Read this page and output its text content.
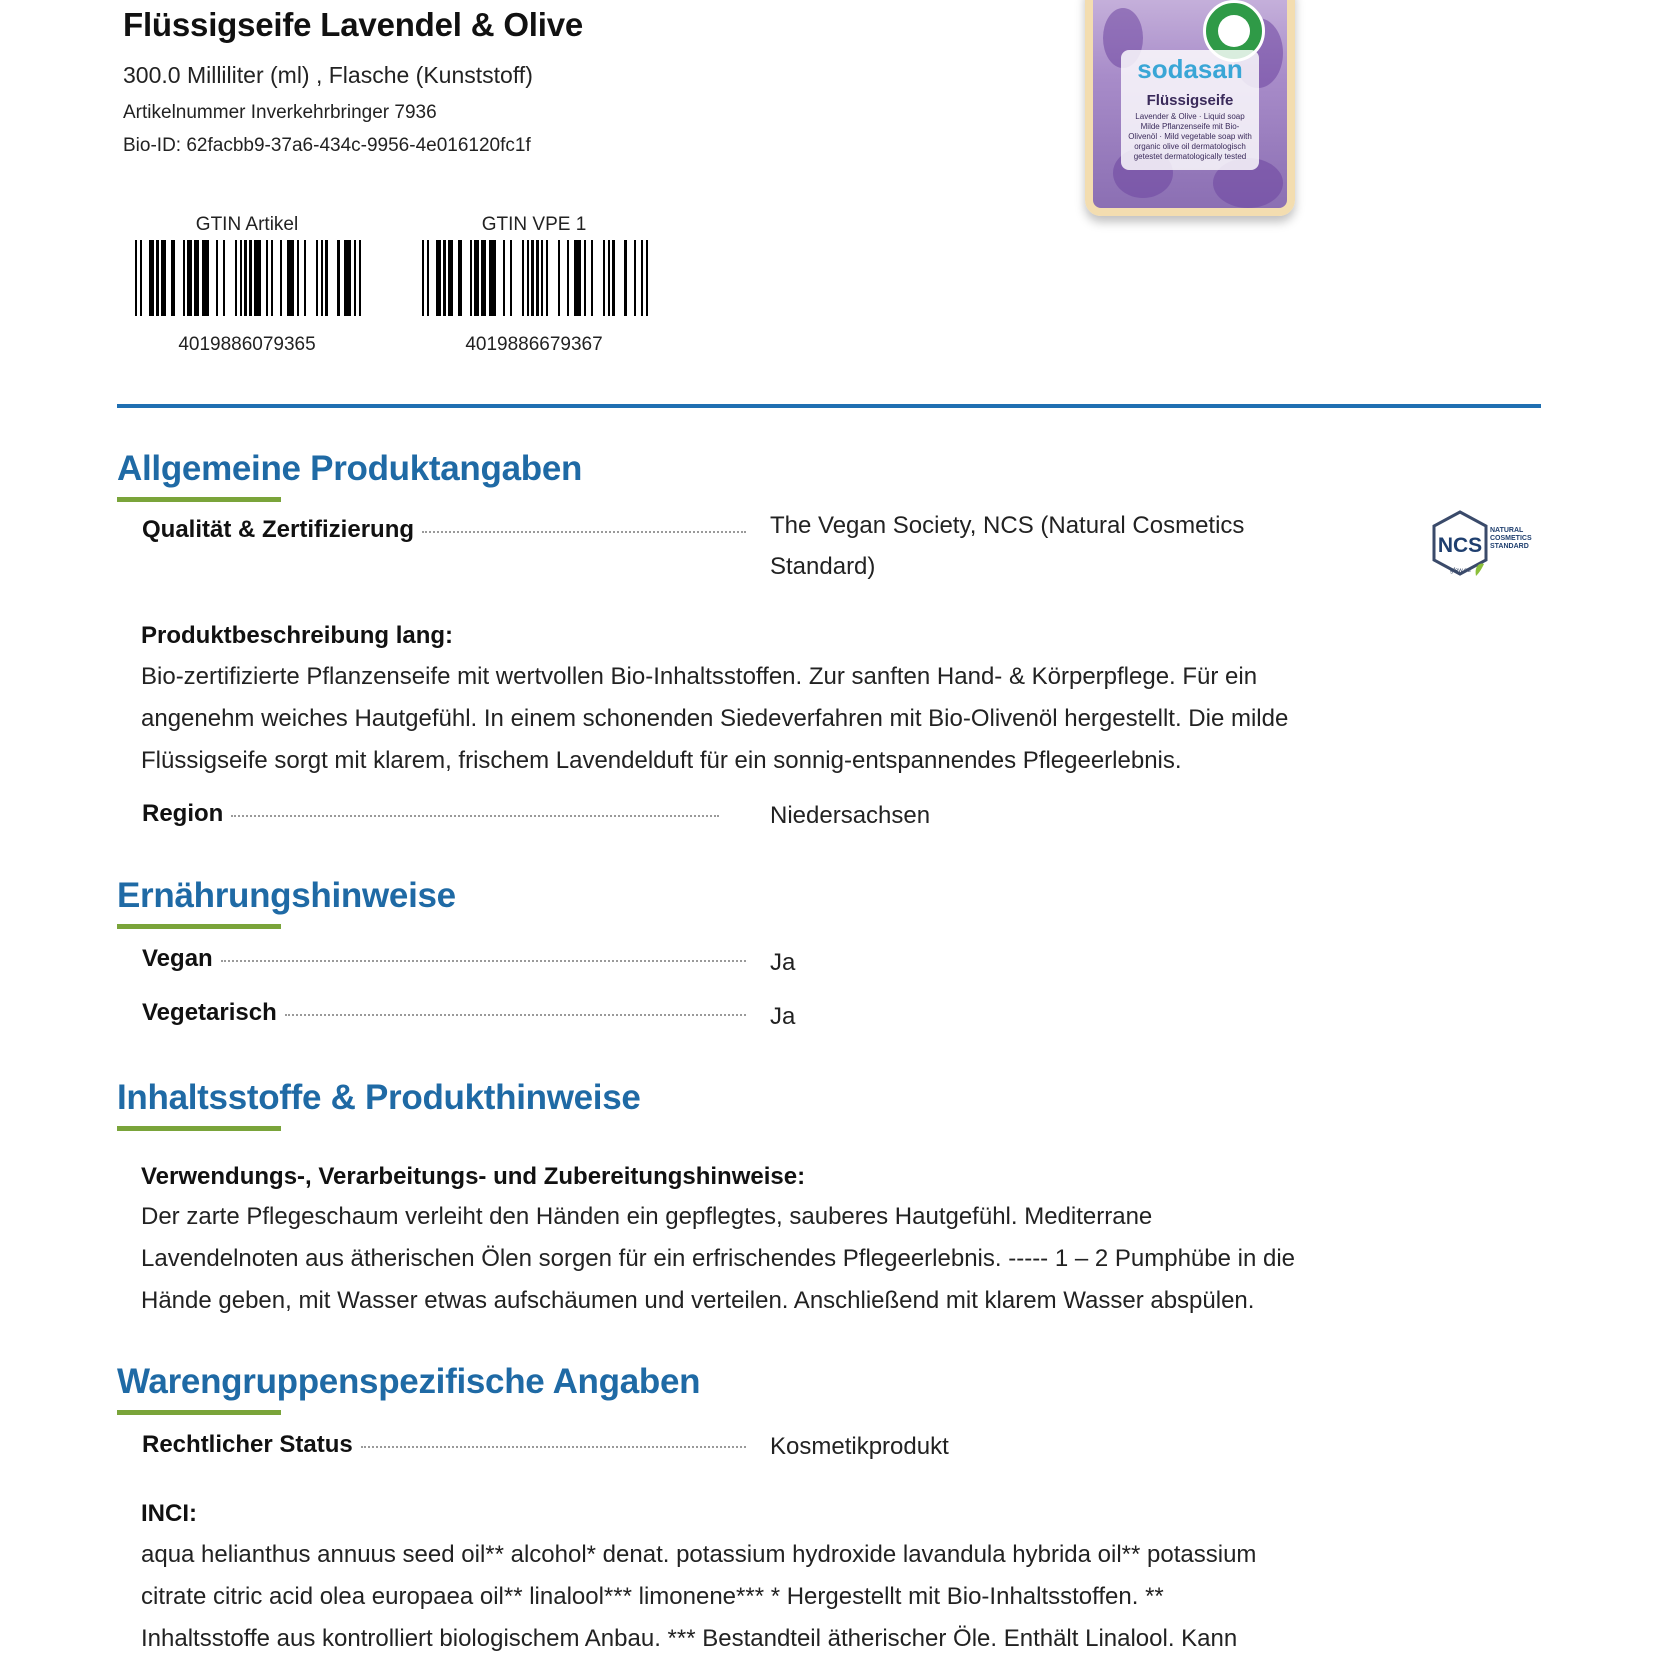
Flüssigseife Lavendel & Olive
300.0 Milliliter (ml) , Flasche (Kunststoff)
Artikelnummer Inverkehrbringer 7936
Bio-ID: 62facbb9-37a6-434c-9956-4e016120fc1f
sodasan
Flüssigseife
Lavender & Olive · Liquid soap Milde Pflanzenseife mit Bio-Olivenöl · Mild vegetable soap with organic olive oil dermatologisch getestet dermatologically tested
GTIN Artikel
4019886079365
GTIN VPE 1
4019886679367
Allgemeine Produktangaben
Qualität & Zertifizierung	The Vegan Society, NCS (Natural Cosmetics
Standard)
NCS
NATURAL
COSMETICS
STANDARD
gfew.eu
Produktbeschreibung lang:
Bio-zertifizierte Pflanzenseife mit wertvollen Bio-Inhaltsstoffen. Zur sanften Hand- & Körperpflege. Für ein
angenehm weiches Hautgefühl. In einem schonenden Siedeverfahren mit Bio-Olivenöl hergestellt. Die milde
Flüssigseife sorgt mit klarem, frischem Lavendelduft für ein sonnig-entspannendes Pflegeerlebnis.
Region	Niedersachsen
Ernährungshinweise
Vegan	Ja
Vegetarisch	Ja
Inhaltsstoffe & Produkthinweise
Verwendungs-, Verarbeitungs- und Zubereitungshinweise:
Der zarte Pflegeschaum verleiht den Händen ein gepflegtes, sauberes Hautgefühl. Mediterrane
Lavendelnoten aus ätherischen Ölen sorgen für ein erfrischendes Pflegeerlebnis. ----- 1 – 2 Pumphübe in die
Hände geben, mit Wasser etwas aufschäumen und verteilen. Anschließend mit klarem Wasser abspülen.
Warengruppenspezifische Angaben
Rechtlicher Status	Kosmetikprodukt
INCI:
aqua helianthus annuus seed oil** alcohol* denat. potassium hydroxide lavandula hybrida oil** potassium
citrate citric acid olea europaea oil** linalool*** limonene*** * Hergestellt mit Bio-Inhaltsstoffen. **
Inhaltsstoffe aus kontrolliert biologischem Anbau. *** Bestandteil ätherischer Öle. Enthält Linalool. Kann
